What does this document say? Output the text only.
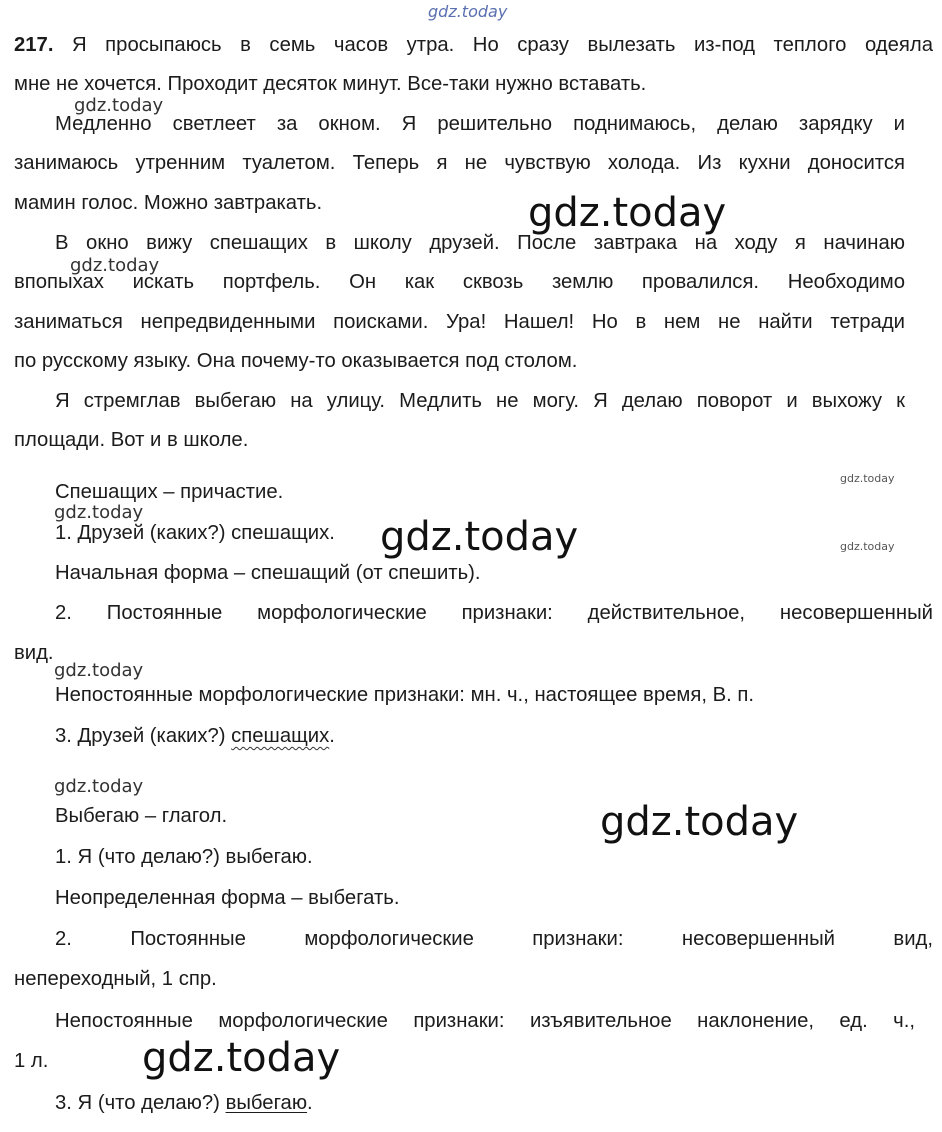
gdz.today
gdz.today
gdz.today
gdz.today
gdz.today
gdz.today
gdz.today	gdz.today
gdz.today
gdz.today
gdz.today
gdz.today
217. Я просыпаюсь в семь часов утра. Но сразу вылезать из-под теплого одеяла
мне не хочется. Проходит десяток минут. Все-таки нужно вставать.
Медленно светлеет за окном. Я решительно поднимаюсь, делаю зарядку и
занимаюсь утренним туалетом. Теперь я не чувствую холода. Из кухни доносится
мамин голос. Можно завтракать.
В окно вижу спешащих в школу друзей. После завтрака на ходу я начинаю
впопыхах искать портфель. Он как сквозь землю провалился. Необходимо
заниматься непредвиденными поисками. Ура! Нашел! Но в нем не найти тетради
по русскому языку. Она почему-то оказывается под столом.
Я стремглав выбегаю на улицу. Медлить не могу. Я делаю поворот и выхожу к
площади. Вот и в школе.
Спешащих – причастие.
1. Друзей (каких?) спешащих.
Начальная форма – спешащий (от спешить).
2. Постоянные морфологические признаки: действительное, несовершенный
вид.
Непостоянные морфологические признаки: мн. ч., настоящее время, В. п.
3. Друзей (каких?) спешащих.
Выбегаю – глагол.
1. Я (что делаю?) выбегаю.
Неопределенная форма – выбегать.
2. Постоянные морфологические признаки: несовершенный вид,
непереходный, 1 спр.
Непостоянные морфологические признаки: изъявительное наклонение, ед. ч.,
1 л.
3. Я (что делаю?) выбегаю.
